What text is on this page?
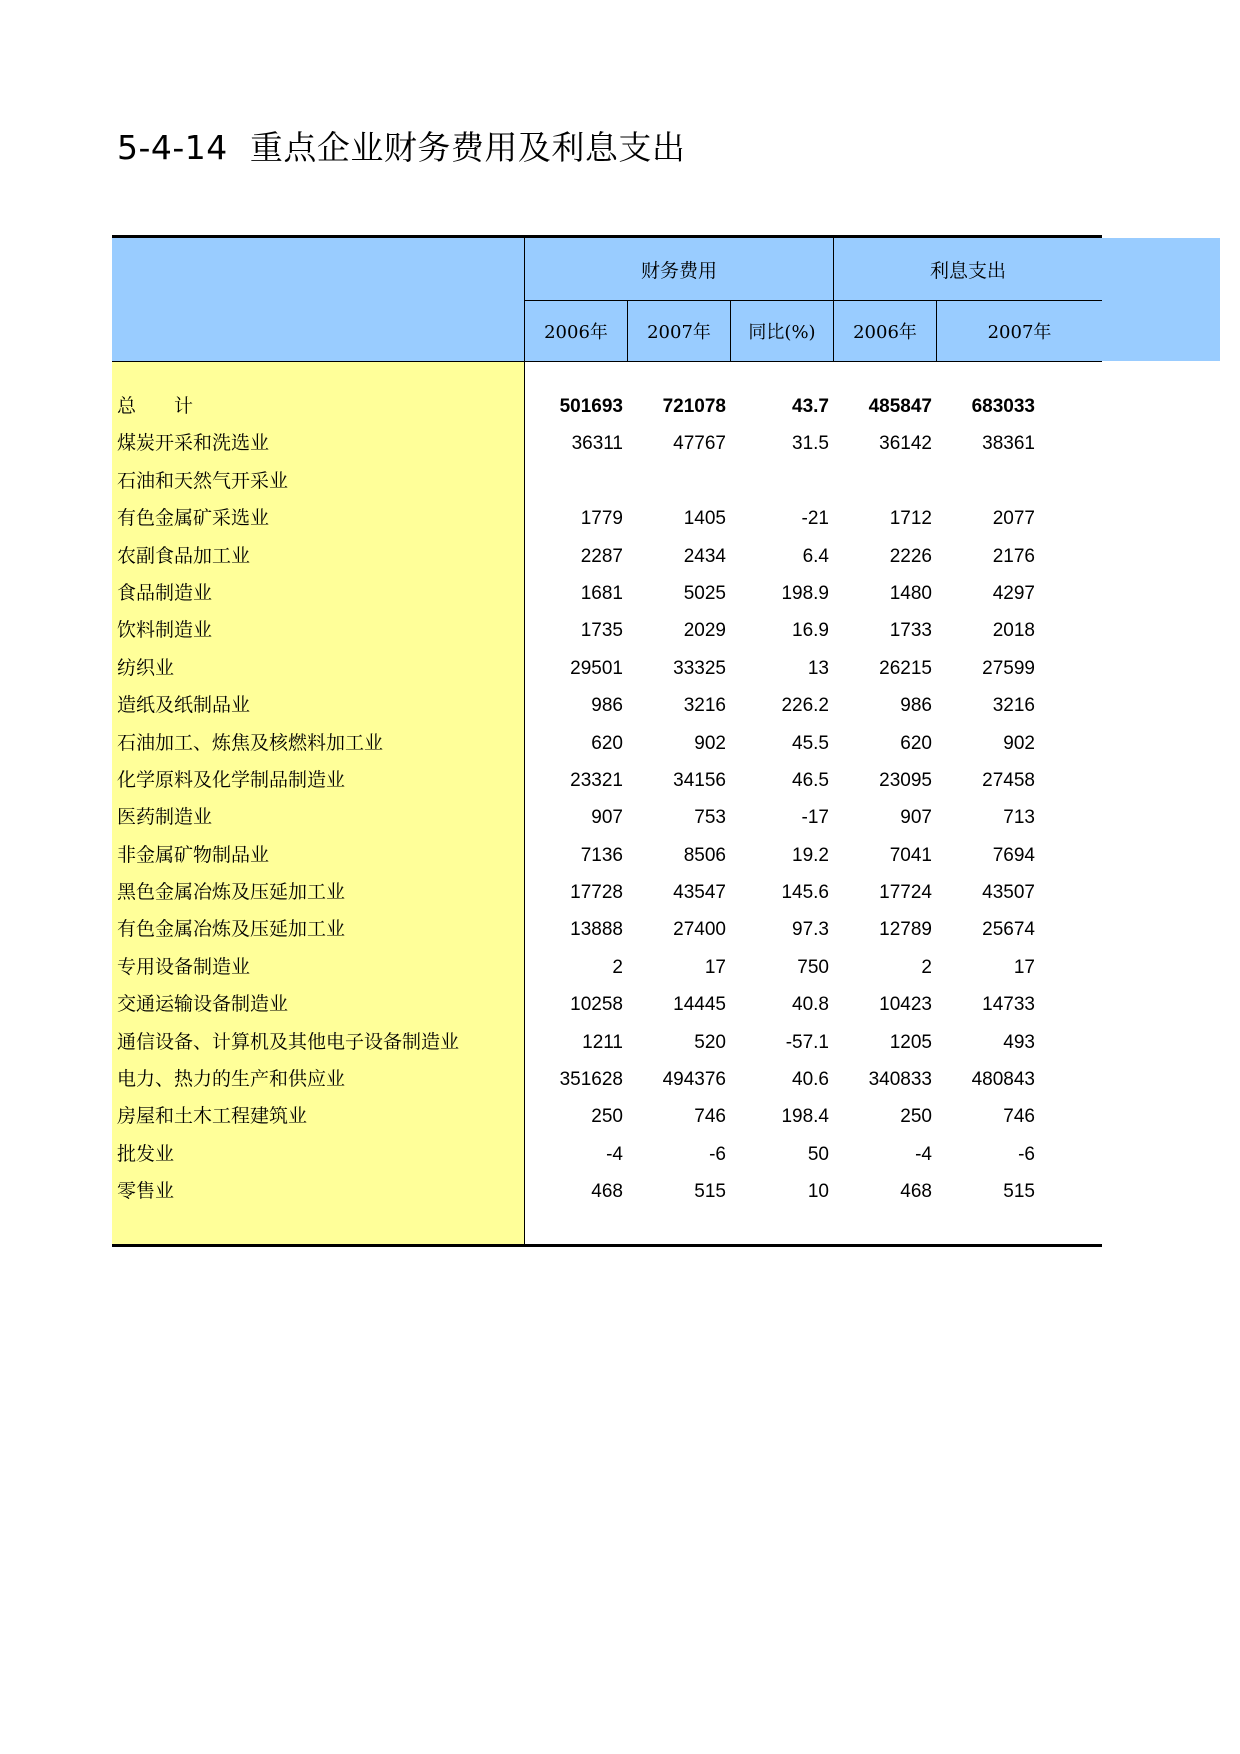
5-4-14 重点企业财务费用及利息支出
财务费用	利息支出
2006年	2007年	同比(%)	2006年	2007年
总　　计	501693	721078	43.7	485847	683033
煤炭开采和洗选业	36311	47767	31.5	36142	38361
石油和天然气开采业
有色金属矿采选业	1779	1405	-21	1712	2077
农副食品加工业	2287	2434	6.4	2226	2176
食品制造业	1681	5025	198.9	1480	4297
饮料制造业	1735	2029	16.9	1733	2018
纺织业	29501	33325	13	26215	27599
造纸及纸制品业	986	3216	226.2	986	3216
石油加工、炼焦及核燃料加工业	620	902	45.5	620	902
化学原料及化学制品制造业	23321	34156	46.5	23095	27458
医药制造业	907	753	-17	907	713
非金属矿物制品业	7136	8506	19.2	7041	7694
黑色金属冶炼及压延加工业	17728	43547	145.6	17724	43507
有色金属冶炼及压延加工业	13888	27400	97.3	12789	25674
专用设备制造业	2	17	750	2	17
交通运输设备制造业	10258	14445	40.8	10423	14733
通信设备、计算机及其他电子设备制造业	1211	520	-57.1	1205	493
电力、热力的生产和供应业	351628	494376	40.6	340833	480843
房屋和土木工程建筑业	250	746	198.4	250	746
批发业	-4	-6	50	-4	-6
零售业	468	515	10	468	515
